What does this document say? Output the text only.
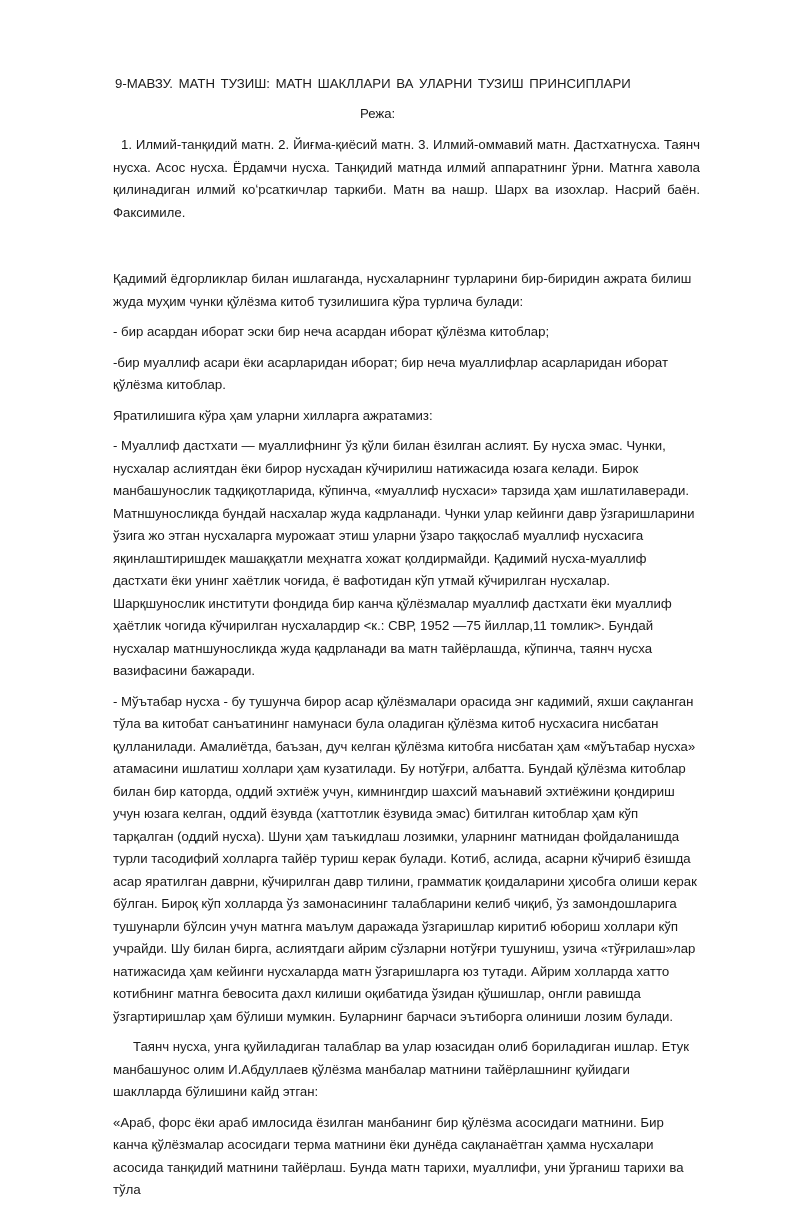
9-МАВЗУ. МАТН ТУЗИШ: МАТН ШАКЛЛАРИ ВА УЛАРНИ ТУЗИШ ПРИНСИПЛАРИ
Режа:

1. Илмий-танқидий матн. 2. Йиғма-қиёсий матн. 3. Илмий-оммавий матн. Дастхатнусха. Таянч нусха. Асос нусха. Ёрдамчи нусха. Танқидий матнда илмий аппаратнинг ўрни. Матнга хавола қилинадиган илмий коʻрсаткичлар таркиби. Матн ва нашр. Шарх ва изохлар. Насрий баён. Факсимиле.

Қадимий ёдгорликлар билан ишлаганда, нусхаларнинг турларини бир-биридин ажрата билиш жуда муҳим чунки қўлёзма китоб тузилишига кўра турлича булади:

- бир асардан иборат эски бир неча асардан иборат қўлёзма китоблар;

-бир муаллиф асари ёки асарларидан иборат; бир неча муаллифлар асарларидан иборат қўлёзма китоблар.

Яратилишига кўра ҳам уларни хилларга ажратамиз:

- Муаллиф дастхати — муаллифнинг ўз қўли билан ёзилган аслият. Бу нусха эмас. Чунки, нусхалар аслиятдан ёки бирор нусхадан кўчирилиш натижасида юзага келади. Бирок манбашунослик тадқиқотларида, кўпинча, «муаллиф нусхаси» тарзида ҳам ишлатилаверади. Матншуносликда бундай насхалар жуда кадрланади. Чунки улар кейинги давр ўзгаришларини ўзига жо этган нусхаларга мурожаат этиш уларни ўзаро таққослаб муаллиф нусхасига яқинлаштиришдек машаққатли меҳнатга хожат қолдирмайди. Қадимий нусха-муаллиф дастхати ёки унинг хаётлик чоғида, ё вафотидан кўп утмай кўчирилган нусхалар. Шарқшунослик институти фондида бир канча қўлёзмалар муаллиф дастхати ёки муаллиф ҳаётлик чогида кўчирилган нусхалардир <к.: СВР, 1952 —75 йиллар,11 томлик>. Бундай нусхалар матншуносликда жуда қадрланади ва матн тайёрлашда, кўпинча, таянч нусха вазифасини бажаради.

- Мўътабар нусха - бу тушунча бирор асар қўлёзмалари орасида энг кадимий, яхши сақланган тўла ва китобат санъатининг намунаси була оладиган қўлёзма китоб нусхасига нисбатан қулланилади. Амалиётда, баъзан, дуч келган қўлёзма китобга нисбатан ҳам «мўътабар нусха» атамасини ишлатиш холлари ҳам кузатилади. Бу нотўғри, албатта. Бундай қўлёзма китоблар билан бир каторда, оддий эхтиёж учун, кимнингдир шахсий маънавий эхтиёжини қондириш учун юзага келган, оддий ёзувда (хаттотлик ёзувида эмас) битилган китоблар ҳам кўп тарқалган (оддий нусха). Шуни ҳам таъкидлаш лозимки, уларнинг матнидан фойдаланишда турли тасодифий холларга тайёр туриш керак булади. Котиб, аслида, асарни кўчириб ёзишда асар яратилган даврни, кўчирилган давр тилини, грамматик қоидаларини ҳисобга олиши керак бўлган. Бироқ кўп холларда ўз замонасининг талабларини келиб чиқиб, ўз замондошларига тушунарли бўлсин учун матнга маълум даражада ўзгаришлар киритиб юбориш холлари кўп учрайди. Шу билан бирга, аслиятдаги айрим сўзларни нотўғри тушуниш, узича «тўғрилаш»лар натижасида ҳам кейинги нусхаларда матн ўзгаришларга юз тутади. Айрим холларда хатто котибнинг матнга бевосита дахл килиши оқибатида ўзидан қўшишлар, онгли равишда ўзгартиришлар ҳам бўлиши мумкин. Буларнинг барчаси эътиборга олиниши лозим булади.

Таянч нусха, унга қуйиладиган талаблар ва улар юзасидан олиб бориладиган ишлар. Етук манбашунос олим И.Абдуллаев қўлёзма манбалар матнини тайёрлашнинг қуйидаги шаклларда бўлишини кайд этган:

«Араб, форс ёки араб имлосида ёзилган манбанинг бир қўлёзма асосидаги матнини. Бир канча қўлёзмалар асосидаги терма матнини ёки дунёда сақланаётган ҳамма нусхалари асосида танқидий матнини тайёрлаш. Бунда матн тарихи, муаллифи, уни ўрганиш тарихи ва тўла
